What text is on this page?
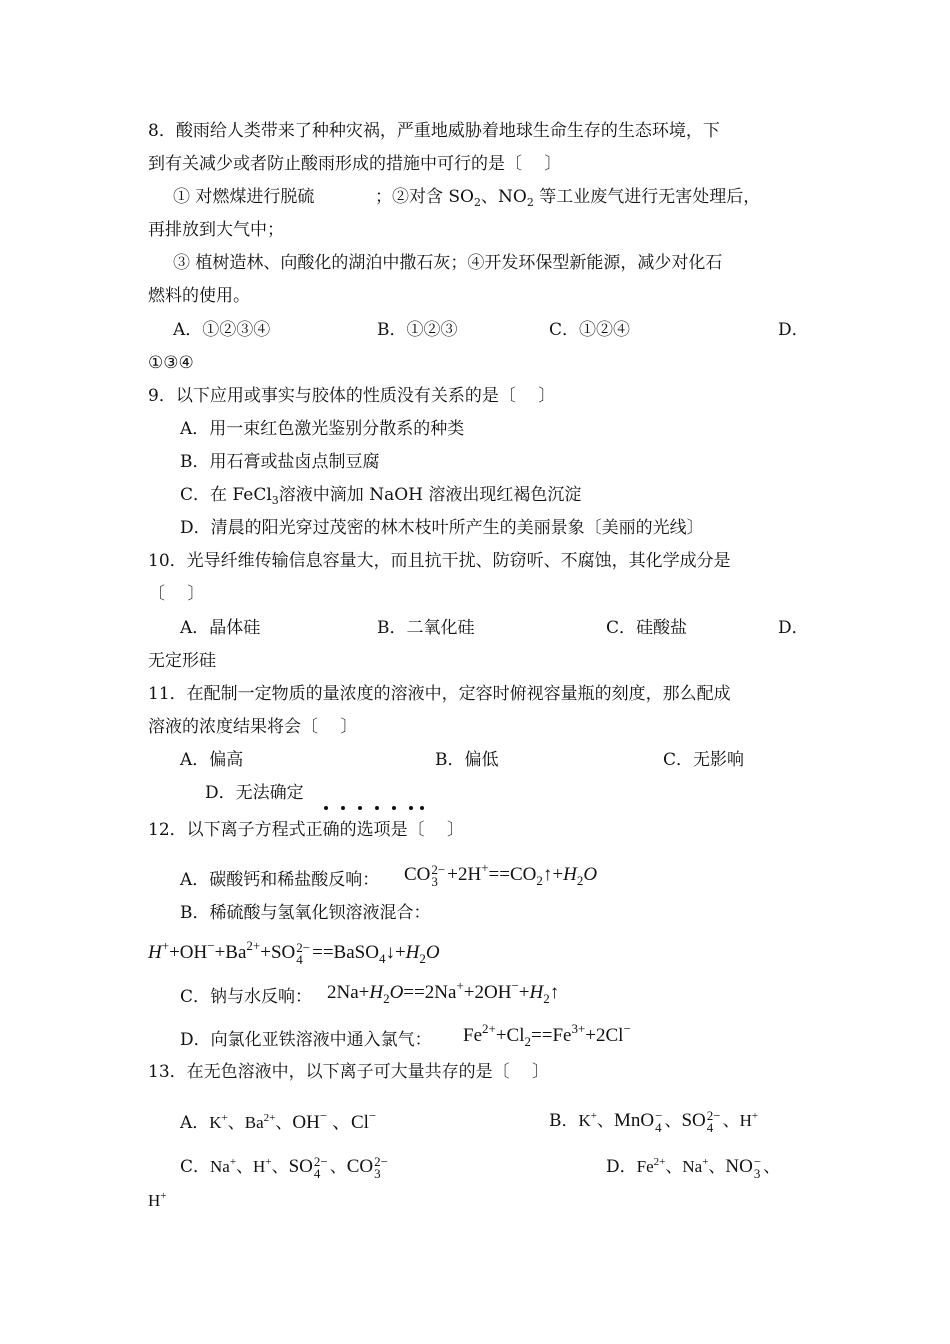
8．酸雨给人类带来了种种灾祸，严重地威胁着地球生命生存的生态环境，下
到有关减少或者防止酸雨形成的措施中可行的是〔　 〕
① 对燃煤进行脱硫	；②对含 $SO_2$、$NO_2$ 等工业废气进行无害处理后，
再排放到大气中；
③ 植树造林、向酸化的湖泊中撒石灰；④开发环保型新能源，减少对化石
燃料的使用。
A．①②③④	B．①②③	C．①②④	D．
①③④
9．以下应用或事实与胶体的性质没有关系的是〔　 〕
A．用一束红色激光鉴别分散系的种类
B．用石膏或盐卤点制豆腐
C．在 FeCl$_3$溶液中滴加 NaOH 溶液出现红褐色沉淀
D．清晨的阳光穿过茂密的林木枝叶所产生的美丽景象〔美丽的光线〕
10．光导纤维传输信息容量大，而且抗干扰、防窃听、不腐蚀，其化学成分是
〔　 〕
A．晶体硅	B．二氧化硅	C．硅酸盐	D．
无定形硅
11．在配制一定物质的量浓度的溶液中，定容时俯视容量瓶的刻度，那么配成
溶液的浓度结果将会〔　 〕
A．偏高	B．偏低	C．无影响
D．无法确定
12．以下离子方程式正确的选项是〔　 〕
A．碳酸钙和稀盐酸反响： CO 2−
$3 +2H^+==CO_2↑+H_2O$
B．稀硫酸与氢氧化钡溶液混合：
$H^++OH^-+Ba^{2+}+SO$ 2−
$4 ==BaSO_4↓+H_2O$
C．钠与水反响： $2Na+H_2O==2Na^++2OH^-+H_2↑$
D．向氯化亚铁溶液中通入氯气： $Fe^{2+}+Cl_2==Fe^{3+}+2Cl^-$
13．在无色溶液中，以下离子可大量共存的是〔　 〕
A．K+、$Ba^{2+}$、OH− 、Cl−	B．K+、MnO −
4 、SO 2−
4 、H+
C．Na+、H+、SO 2−
4 、CO 2−
3	D．$Fe^{2+}$、Na+、NO −
3 、
H+
